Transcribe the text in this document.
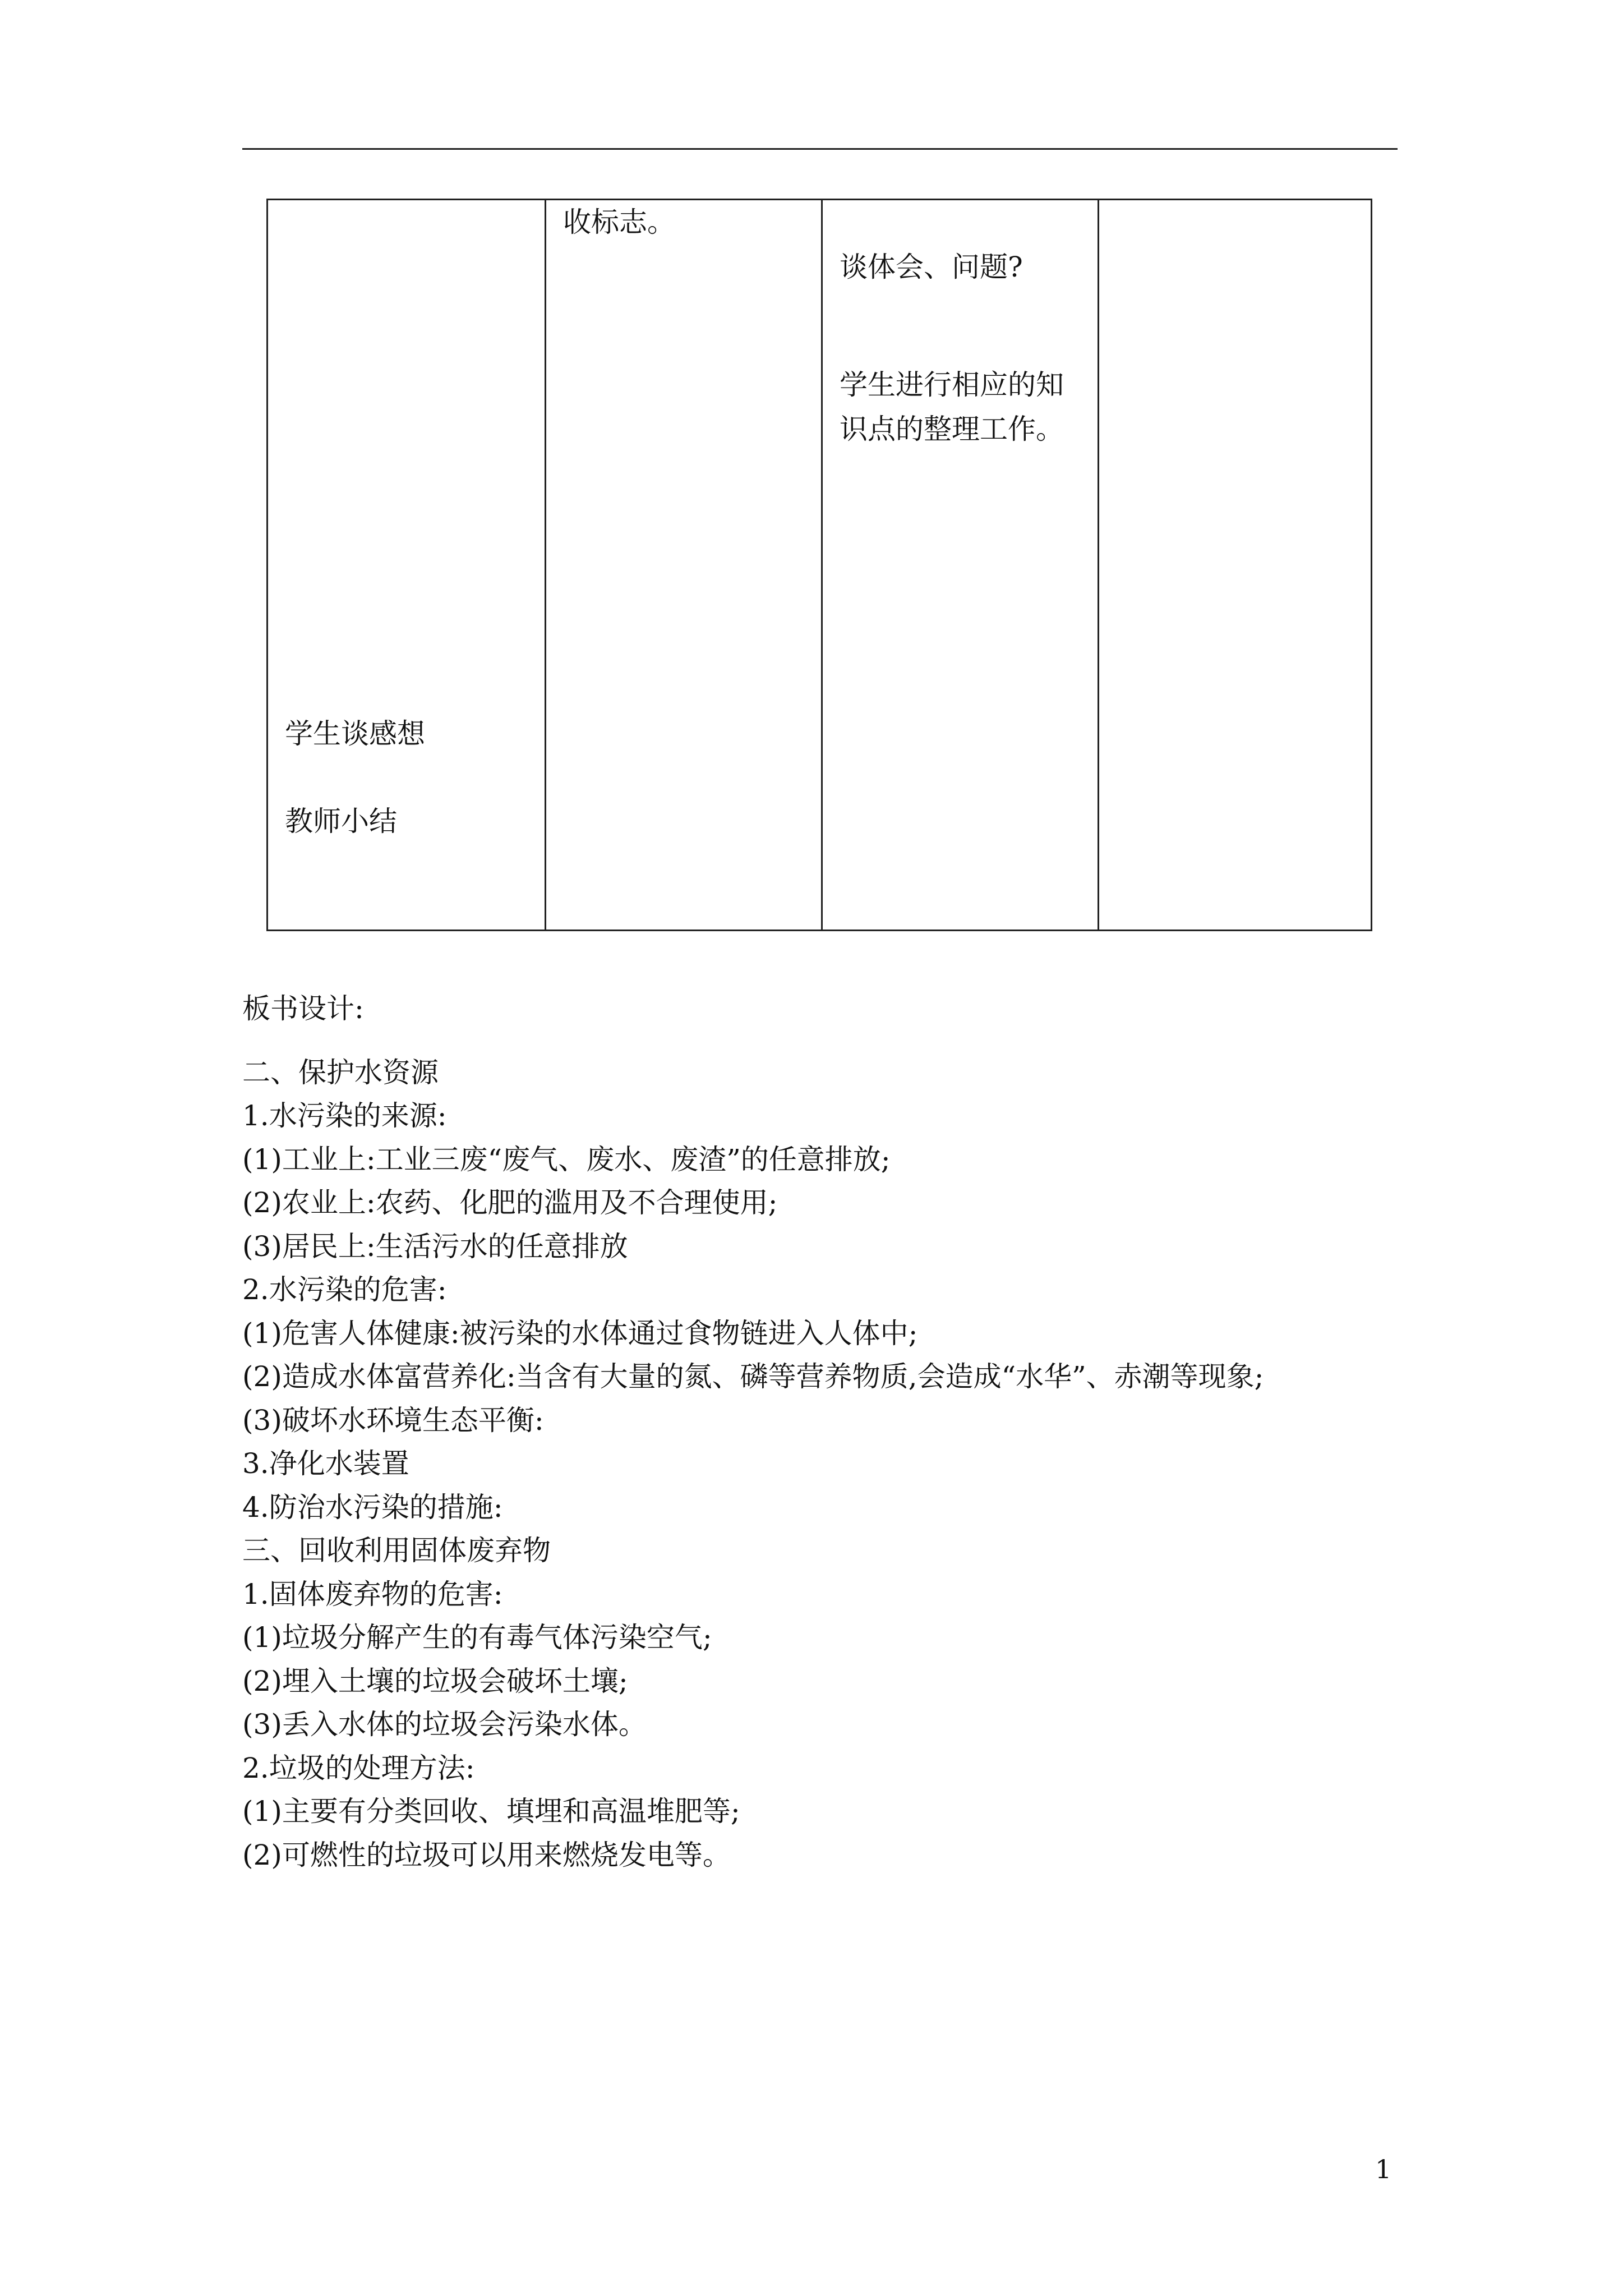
学生谈感想
教师小结
收标志。
谈体会、问题?
学生进行相应的知识点的整理工作。
板书设计:
二、保护水资源
1.水污染的来源:
(1)工业上:工业三废“废气、废水、废渣”的任意排放;
(2)农业上:农药、化肥的滥用及不合理使用;
(3)居民上:生活污水的任意排放
2.水污染的危害:
(1)危害人体健康:被污染的水体通过食物链进入人体中;
(2)造成水体富营养化:当含有大量的氮、磷等营养物质,会造成“水华”、赤潮等现象;
(3)破坏水环境生态平衡:
3.净化水装置
4.防治水污染的措施:
三、回收利用固体废弃物
1.固体废弃物的危害:
(1)垃圾分解产生的有毒气体污染空气;
(2)埋入土壤的垃圾会破坏土壤;
(3)丢入水体的垃圾会污染水体。
2.垃圾的处理方法:
(1)主要有分类回收、填埋和高温堆肥等;
(2)可燃性的垃圾可以用来燃烧发电等。
1
